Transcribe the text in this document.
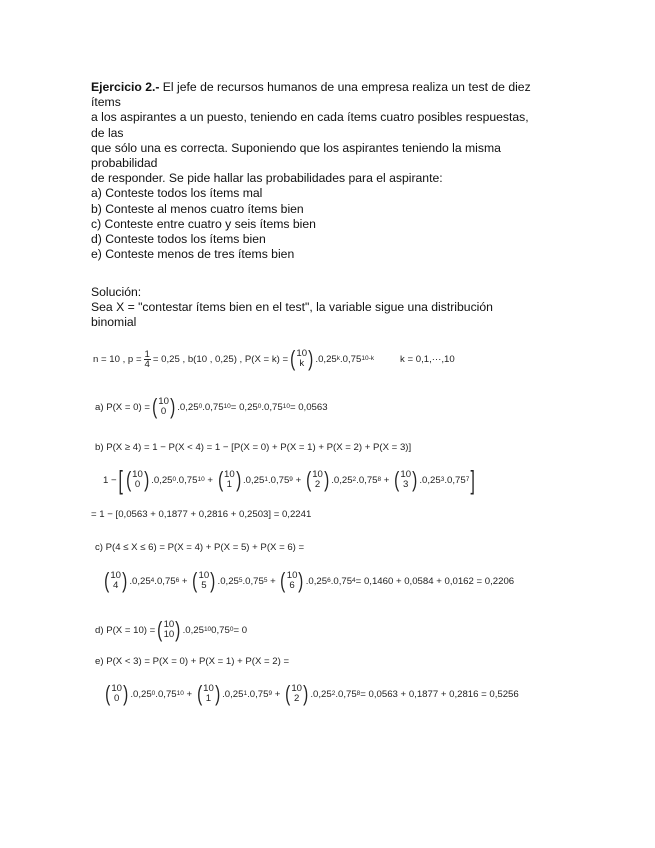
Ejercicio 2.- El jefe de recursos humanos de una empresa realiza un test de diez
ítems
a los aspirantes a un puesto, teniendo en cada ítems cuatro posibles respuestas,
de las
que sólo una es correcta. Suponiendo que los aspirantes teniendo la misma
probabilidad
de responder. Se pide hallar las probabilidades para el aspirante:
a) Conteste todos los ítems mal
b) Conteste al menos cuatro ítems bien
c) Conteste entre cuatro y seis ítems bien
d) Conteste todos los ítems bien
e) Conteste menos de tres ítems bien
Solución:
Sea X = "contestar ítems bien en el test", la variable sigue una distribución
binomial
n = 10 , $p = \frac{1}{4} = 0,25$ , b(10 , 0,25) , P(X = k) = ( 10
k ) .0,25 k .0,75 10-k	k = 0,1,···,10
a) P(X = 0) = ( 10
0 ) .0,25 0 .0,75 10 = 0,25 0 .0,75 10 = 0,0563
b) P(X ≥ 4) = 1 − P(X < 4) = 1 − [P(X = 0) + P(X = 1) + P(X = 2) + P(X = 3)]
1 − [ ( 10
0 ) .0,25 0 .0,75 10 + ( 10
1 ) .0,25 1 .0,75 9 + ( 10
2 ) .0,25 2 .0,75 8 + ( 10
3 ) .0,25 3 .0,75 7 ]
= 1 − [0,0563 + 0,1877 + 0,2816 + 0,2503] = 0,2241
c) P(4 ≤ X ≤ 6) = P(X = 4) + P(X = 5) + P(X = 6) =
( 10
4 ) .0,25 4 .0,75 6 + ( 10
5 ) .0,25 5 .0,75 5 + ( 10
6 ) .0,25 6 .0,75 4 = 0,1460 + 0,0584 + 0,0162 = 0,2206
d) P(X = 10) = ( 10
10 ) .0,25 10 0,75 0 = 0
e) P(X < 3) = P(X = 0) + P(X = 1) + P(X = 2) =
( 10
0 ) .0,25 0 .0,75 10 + ( 10
1 ) .0,25 1 .0,75 9 + ( 10
2 ) .0,25 2 .0,75 8 = 0,0563 + 0,1877 + 0,2816 = 0,5256
